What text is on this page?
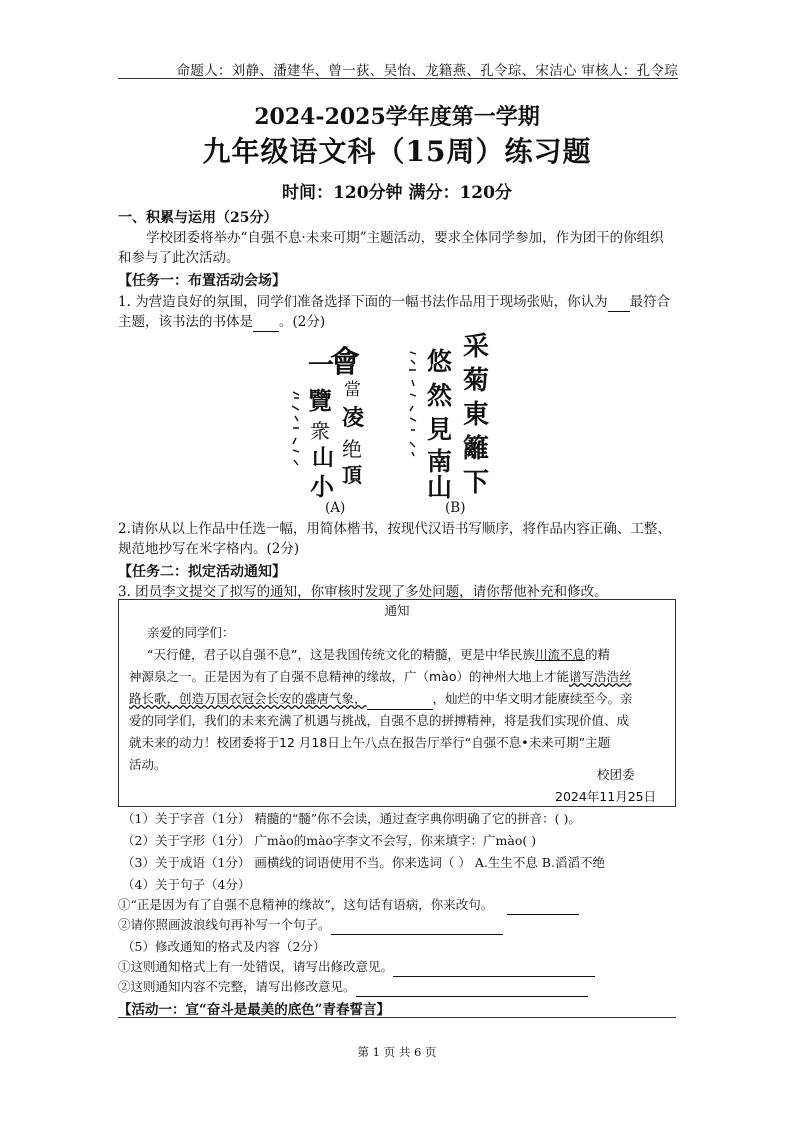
命题人：刘静、潘建华、曾一荻、吴怡、龙籍燕、孔令琮、宋洁心 审核人：孔令琮
2024-2025学年度第一学期
九年级语文科（15周）练习题
时间：120分钟 满分：120分
一、积累与运用（25分）
学校团委将举办“自强不息·未来可期”主题活动，要求全体同学参加，作为团干的你组织和参与了此次活动。
【任务一：布置活动会场】
1. 为营造良好的氛围，同学们准备选择下面的一幅书法作品用于现场张贴，你认为 最符合
主题，该书法的书体是 。(2分)
會
當
凌
绝
頂
一
覽
衆
山
小
(A)
采
菊
東
籬
下
悠
然
見
南
山
(B)
2.请你从以上作品中任选一幅，用简体楷书，按现代汉语书写顺序，将作品内容正确、工整、规范地抄写在米字格内。(2分)
【任务二：拟定活动通知】
3. 团员李文提交了拟写的通知，你审核时发现了多处问题，请你帮他补充和修改。
通知
亲爱的同学们：
“天行健，君子以自强不息”，这是我国传统文化的精髓，更是中华民族川流不息的精
神源泉之一。正是因为有了自强不息精神的缘故，广（màо）的神州大地上才能谱写浩浩丝
路长歌，创造万国衣冠会长安的盛唐气象，	，灿烂的中华文明才能赓续至今。亲
爱的同学们，我们的未来充满了机遇与挑战，自强不息的拼搏精神，将是我们实现价值、成
就未来的动力！校团委将于12 月18日上午八点在报告厅举行“自强不息•未来可期”主题
活动。
校团委
2024年11月25日
（1）关于字音（1分） 精髓的“髓”你不会读，通过查字典你明确了它的拼音：( )。
（2）关于字形（1分） 广mào的mào字李文不会写，你来填字：广mào( )
（3）关于成语（1分） 画横线的词语使用不当。你来选词（ ） A.生生不息 B.滔滔不绝
（4）关于句子（4分）
①“正是因为有了自强不息精神的缘故”，这句话有语病，你来改句。
②请你照画波浪线句再补写一个句子。
（5）修改通知的格式及内容（2分）
①这则通知格式上有一处错误，请写出修改意见。
②这则通知内容不完整，请写出修改意见。
【活动一：宣“奋斗是最美的底色”青春誓言】
第 1 页 共 6 页
